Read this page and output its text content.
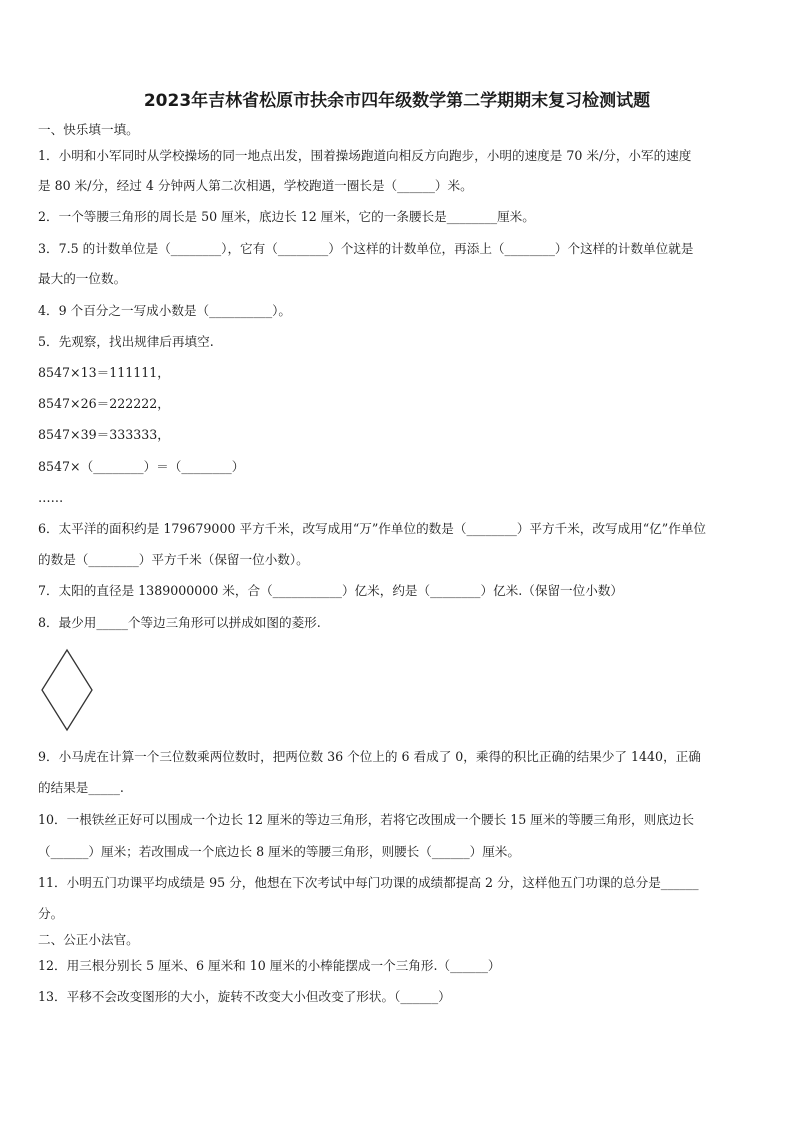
2023年吉林省松原市扶余市四年级数学第二学期期末复习检测试题
一、快乐填一填。
1．小明和小军同时从学校操场的同一地点出发，围着操场跑道向相反方向跑步，小明的速度是 70 米/分，小军的速度
是 80 米/分，经过 4 分钟两人第二次相遇，学校跑道一圈长是（______）米。
2．一个等腰三角形的周长是 50 厘米，底边长 12 厘米，它的一条腰长是________厘米。
3．7.5 的计数单位是（________），它有（________）个这样的计数单位，再添上（________）个这样的计数单位就是
最大的一位数。
4．9 个百分之一写成小数是（__________）。
5．先观察，找出规律后再填空.
8547×13＝111111，
8547×26＝222222，
8547×39＝333333，
8547×（________）＝（________）
……
6．太平洋的面积约是 179679000 平方千米，改写成用“万”作单位的数是（________）平方千米，改写成用“亿”作单位
的数是（________）平方千米（保留一位小数）。
7．太阳的直径是 1389000000 米，合（___________）亿米，约是（________）亿米.（保留一位小数）
8．最少用_____个等边三角形可以拼成如图的菱形.
9．小马虎在计算一个三位数乘两位数时，把两位数 36 个位上的 6 看成了 0，乘得的积比正确的结果少了 1440，正确
的结果是_____.
10．一根铁丝正好可以围成一个边长 12 厘米的等边三角形，若将它改围成一个腰长 15 厘米的等腰三角形，则底边长
（______）厘米；若改围成一个底边长 8 厘米的等腰三角形，则腰长（______）厘米。
11．小明五门功课平均成绩是 95 分，他想在下次考试中每门功课的成绩都提高 2 分，这样他五门功课的总分是______
分。
二、公正小法官。
12．用三根分别长 5 厘米、6 厘米和 10 厘米的小棒能摆成一个三角形.（______）
13．平移不会改变图形的大小，旋转不改变大小但改变了形状。（______）
